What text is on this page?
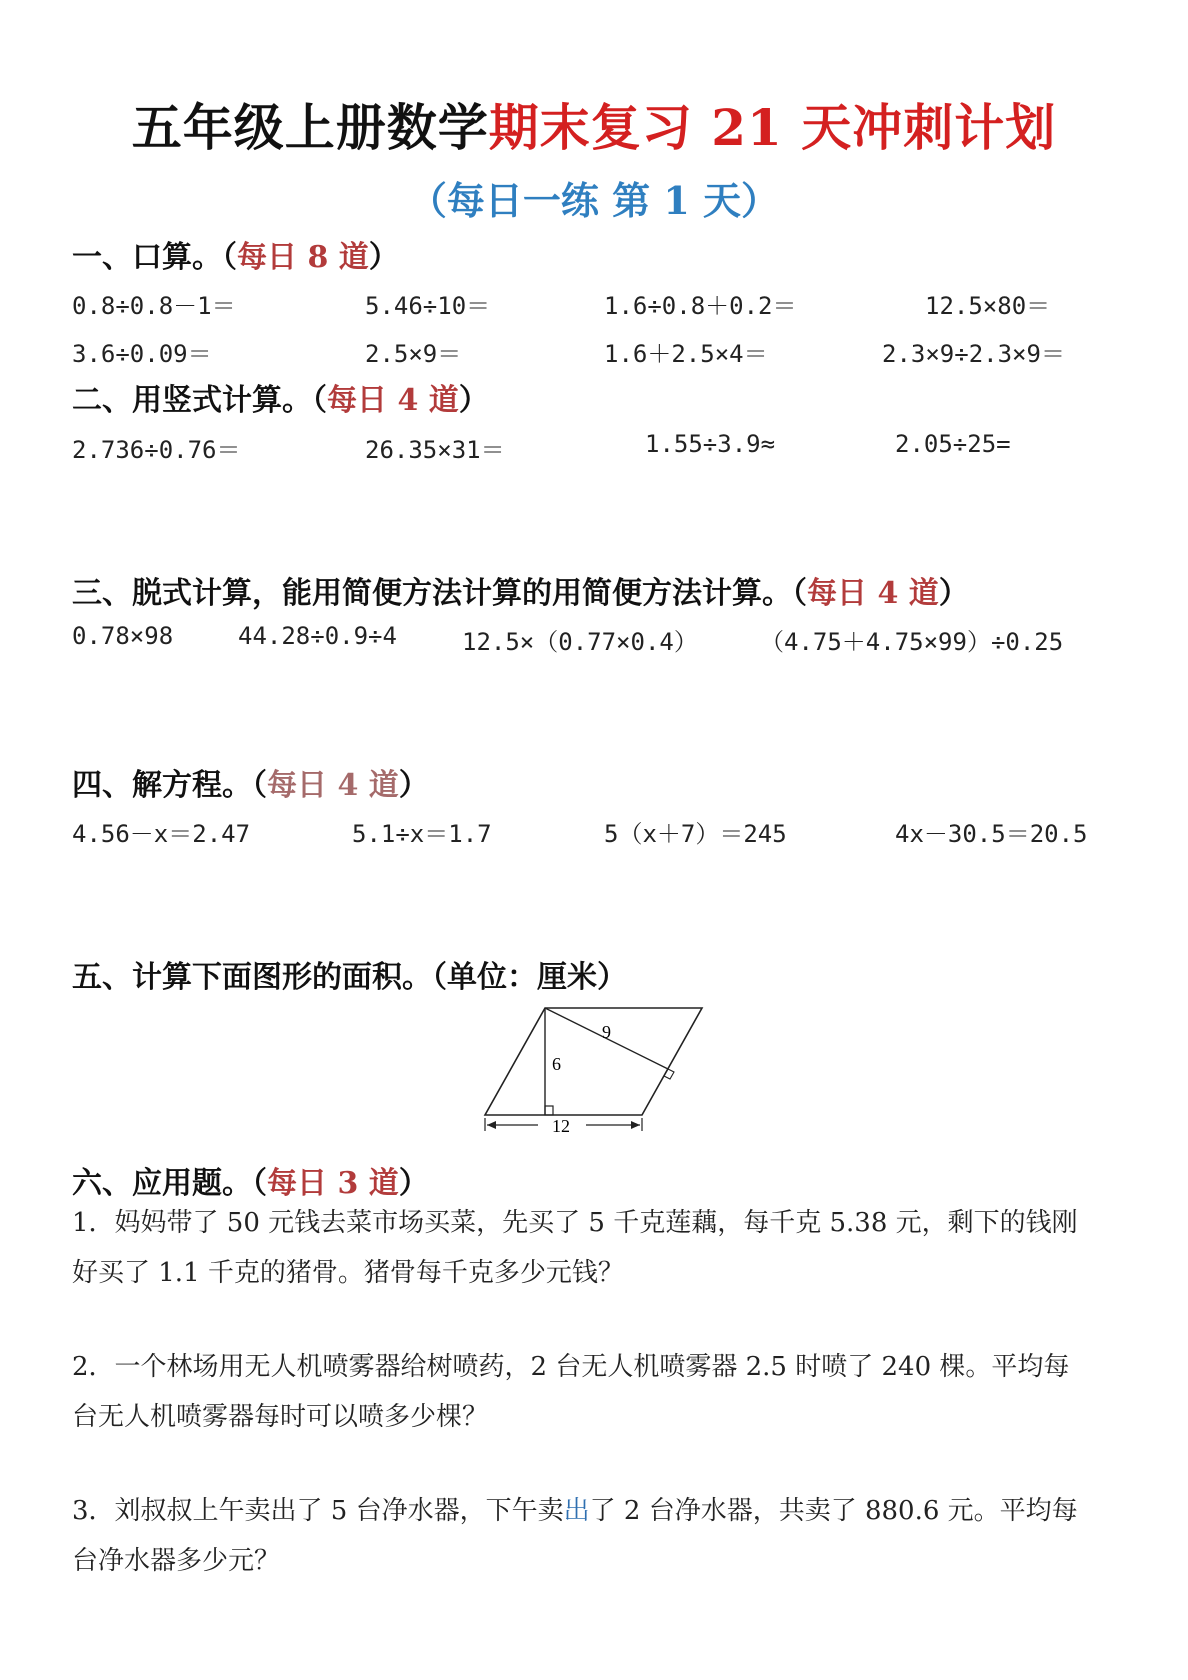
五年级上册数学期末复习 21 天冲刺计划
（每日一练 第 1 天）
一、口算。（每日 8 道）
0.8÷0.8－1＝	5.46÷10＝	1.6÷0.8＋0.2＝	12.5×80＝
3.6÷0.09＝	2.5×9＝	1.6＋2.5×4＝	2.3×9÷2.3×9＝
二、用竖式计算。（每日 4 道）
2.736÷0.76＝	26.35×31＝	1.55÷3.9≈	2.05÷25=
三、脱式计算，能用简便方法计算的用简便方法计算。（每日 4 道）
0.78×98	44.28÷0.9÷4	12.5×（0.77×0.4）	（4.75＋4.75×99）÷0.25
四、解方程。（每日 4 道）
4.56－x＝2.47	5.1÷x＝1.7	5（x＋7）＝245	4x－30.5＝20.5
五、计算下面图形的面积。（单位：厘米）
9
6
12
六、应用题。（每日 3 道）
1．妈妈带了 50 元钱去菜市场买菜，先买了 5 千克莲藕，每千克 5.38 元，剩下的钱刚
好买了 1.1 千克的猪骨。猪骨每千克多少元钱？
2．一个林场用无人机喷雾器给树喷药，2 台无人机喷雾器 2.5 时喷了 240 棵。平均每
台无人机喷雾器每时可以喷多少棵？
3．刘叔叔上午卖出了 5 台净水器，下午卖出了 2 台净水器，共卖了 880.6 元。平均每
台净水器多少元？
